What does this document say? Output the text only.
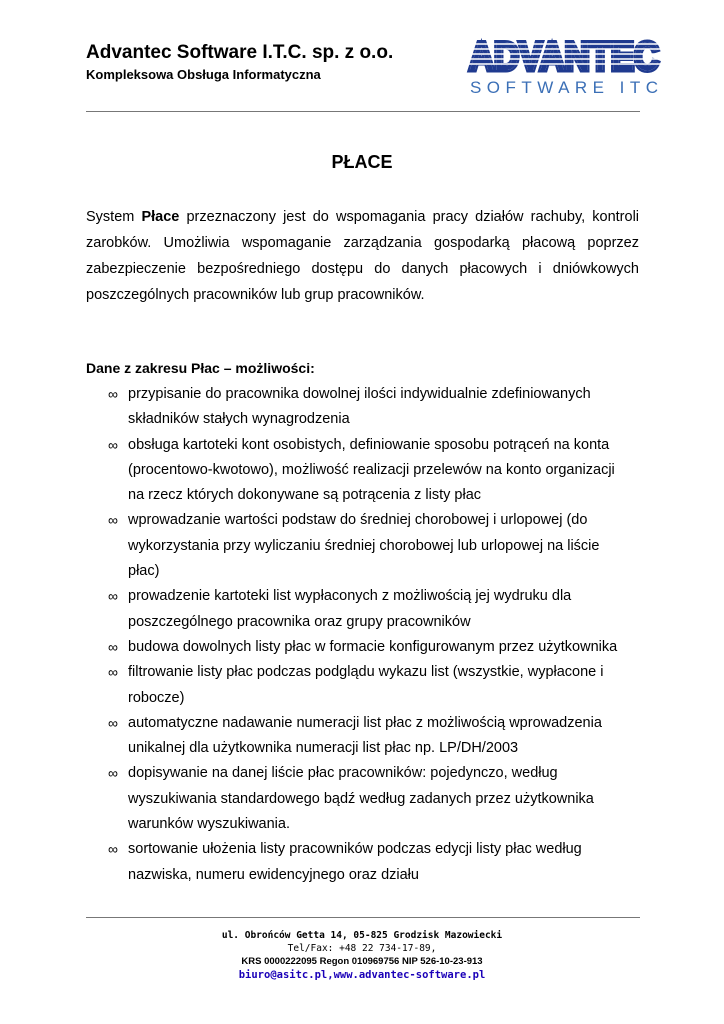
Advantec Software I.T.C. sp. z o.o.
Kompleksowa Obsługa Informatyczna	ADVANTEC
ADVANTEC
SOFTWARE ITC
PŁACE

System Płace przeznaczony jest do wspomagania pracy działów rachuby, kontroli zarobków. Umożliwia wspomaganie zarządzania gospodarką płacową poprzez zabezpieczenie bezpośredniego dostępu do danych płacowych i dniówkowych poszczególnych pracowników lub grup pracowników.

Dane z zakresu Płac – możliwości:

∞ przypisanie do pracownika dowolnej ilości indywidualnie zdefiniowanych
składników stałych wynagrodzenia
∞ obsługa kartoteki kont osobistych, definiowanie sposobu potrąceń na konta
(procentowo-kwotowo), możliwość realizacji przelewów na konto organizacji
na rzecz których dokonywane są potrącenia z listy płac
∞ wprowadzanie wartości podstaw do średniej chorobowej i urlopowej (do
wykorzystania przy wyliczaniu średniej chorobowej lub urlopowej na liście
płac)
∞ prowadzenie kartoteki list wypłaconych z możliwością jej wydruku dla
poszczególnego pracownika oraz grupy pracowników
∞ budowa dowolnych listy płac w formacie konfigurowanym przez użytkownika
∞ filtrowanie listy płac podczas podglądu wykazu list (wszystkie, wypłacone i
robocze)
∞ automatyczne nadawanie numeracji list płac z możliwością wprowadzenia
unikalnej dla użytkownika numeracji list płac np. LP/DH/2003
∞ dopisywanie na danej liście płac pracowników: pojedynczo, według
wyszukiwania standardowego bądź według zadanych przez użytkownika
warunków wyszukiwania.
∞ sortowanie ułożenia listy pracowników podczas edycji listy płac według
nazwiska, numeru ewidencyjnego oraz działu
ul. Obrońców Getta 14, 05-825 Grodzisk Mazowiecki
Tel/Fax: +48 22 734-17-89,
KRS 0000222095 Regon 010969756 NIP 526-10-23-913
biuro@asitc.pl,www.advantec-software.pl
